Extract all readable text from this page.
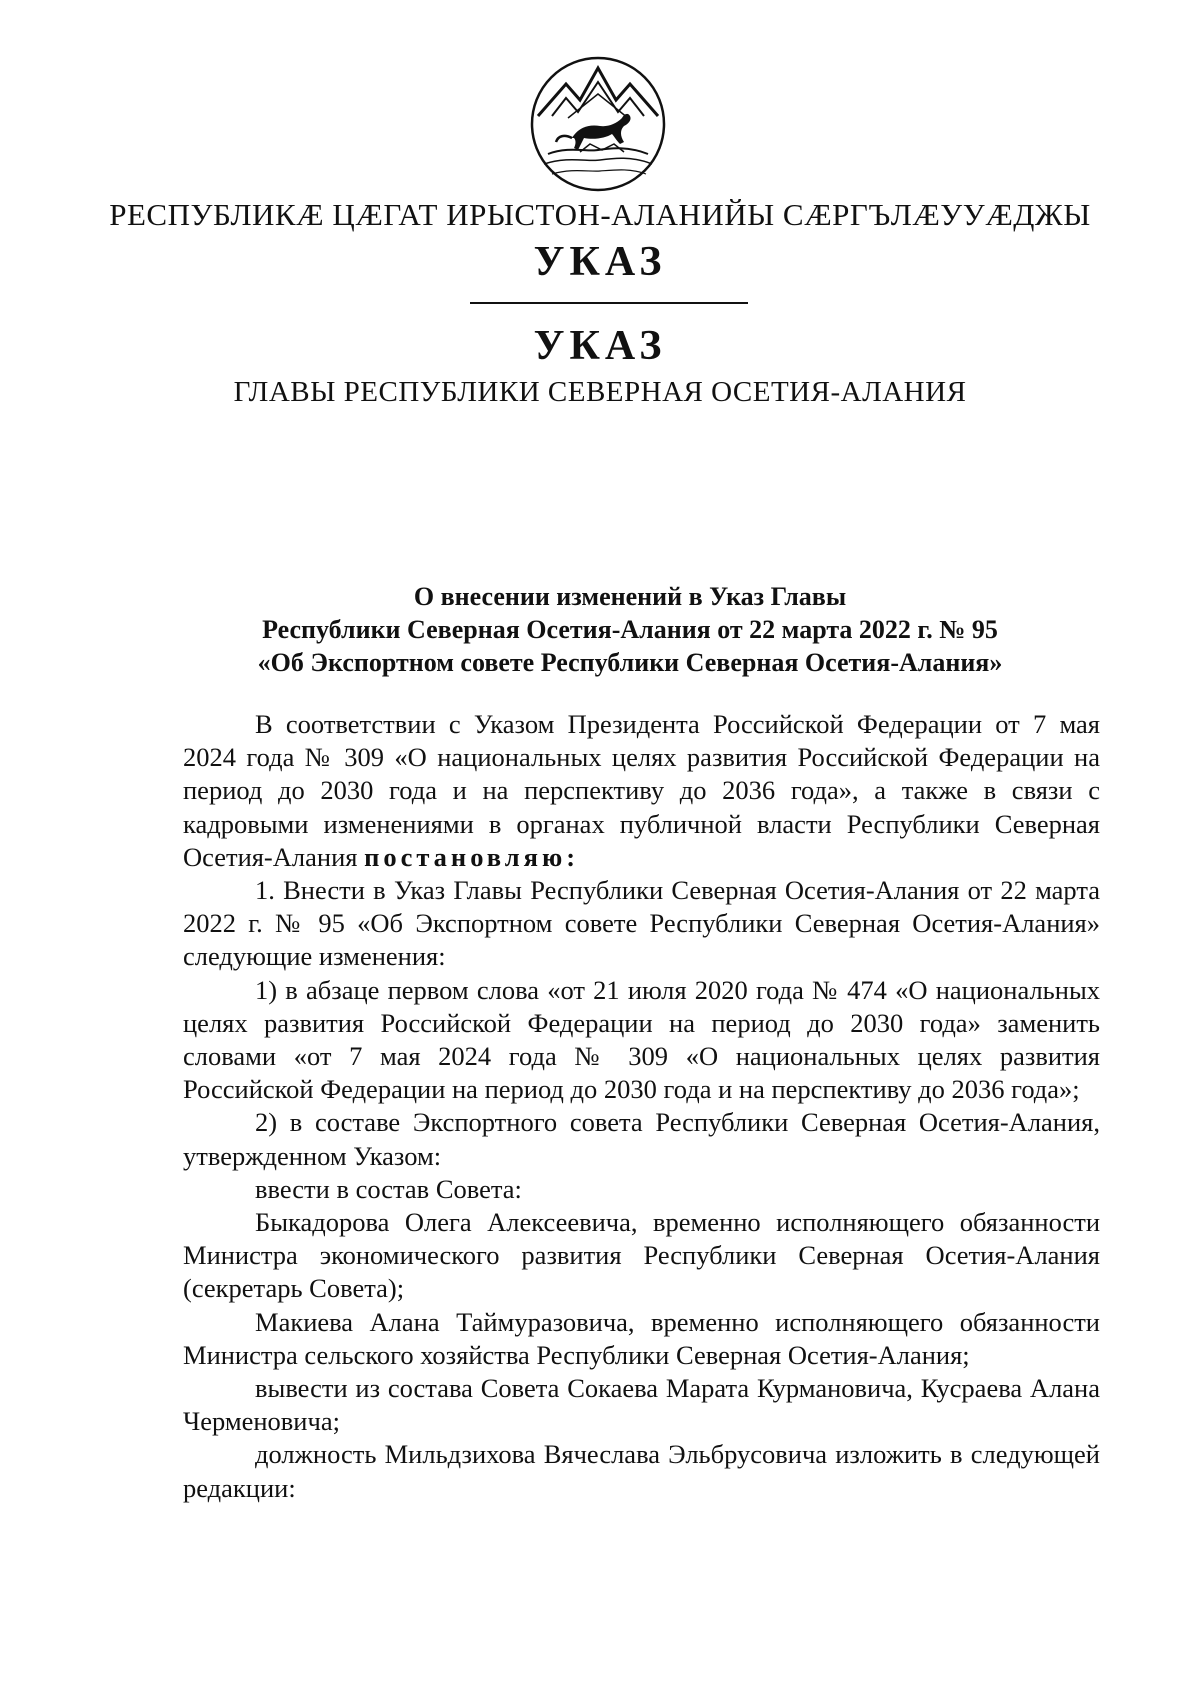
РЕСПУБЛИКӔ ЦӔГАТ ИРЫСТОН-АЛАНИЙЫ СӔРГЪЛӔУУӔДЖЫ
УКАЗ
УКАЗ
ГЛАВЫ РЕСПУБЛИКИ СЕВЕРНАЯ ОСЕТИЯ-АЛАНИЯ
О внесении изменений в Указ Главы
Республики Северная Осетия-Алания от 22 марта 2022 г. № 95
«Об Экспортном совете Республики Северная Осетия-Алания»

В соответствии с Указом Президента Российской Федерации от 7 мая 2024 года № 309 «О национальных целях развития Российской Федерации на период до 2030 года и на перспективу до 2036 года», а также в связи с кадровыми изменениями в органах публичной власти Республики Северная Осетия-Алания постановляю:

1. Внести в Указ Главы Республики Северная Осетия-Алания от 22 марта 2022 г. № 95 «Об Экспортном совете Республики Северная Осетия-Алания» следующие изменения:

1) в абзаце первом слова «от 21 июля 2020 года № 474 «О национальных целях развития Российской Федерации на период до 2030 года» заменить словами «от 7 мая 2024 года № 309 «О национальных целях развития Российской Федерации на период до 2030 года и на перспективу до 2036 года»;

2) в составе Экспортного совета Республики Северная Осетия-Алания, утвержденном Указом:

ввести в состав Совета:

Быкадорова Олега Алексеевича, временно исполняющего обязанности Министра экономического развития Республики Северная Осетия-Алания (секретарь Совета);

Макиева Алана Таймуразовича, временно исполняющего обязанности Министра сельского хозяйства Республики Северная Осетия-Алания;

вывести из состава Совета Сокаева Марата Курмановича, Кусраева Алана Черменовича;

должность Мильдзихова Вячеслава Эльбрусовича изложить в следующей редакции:
